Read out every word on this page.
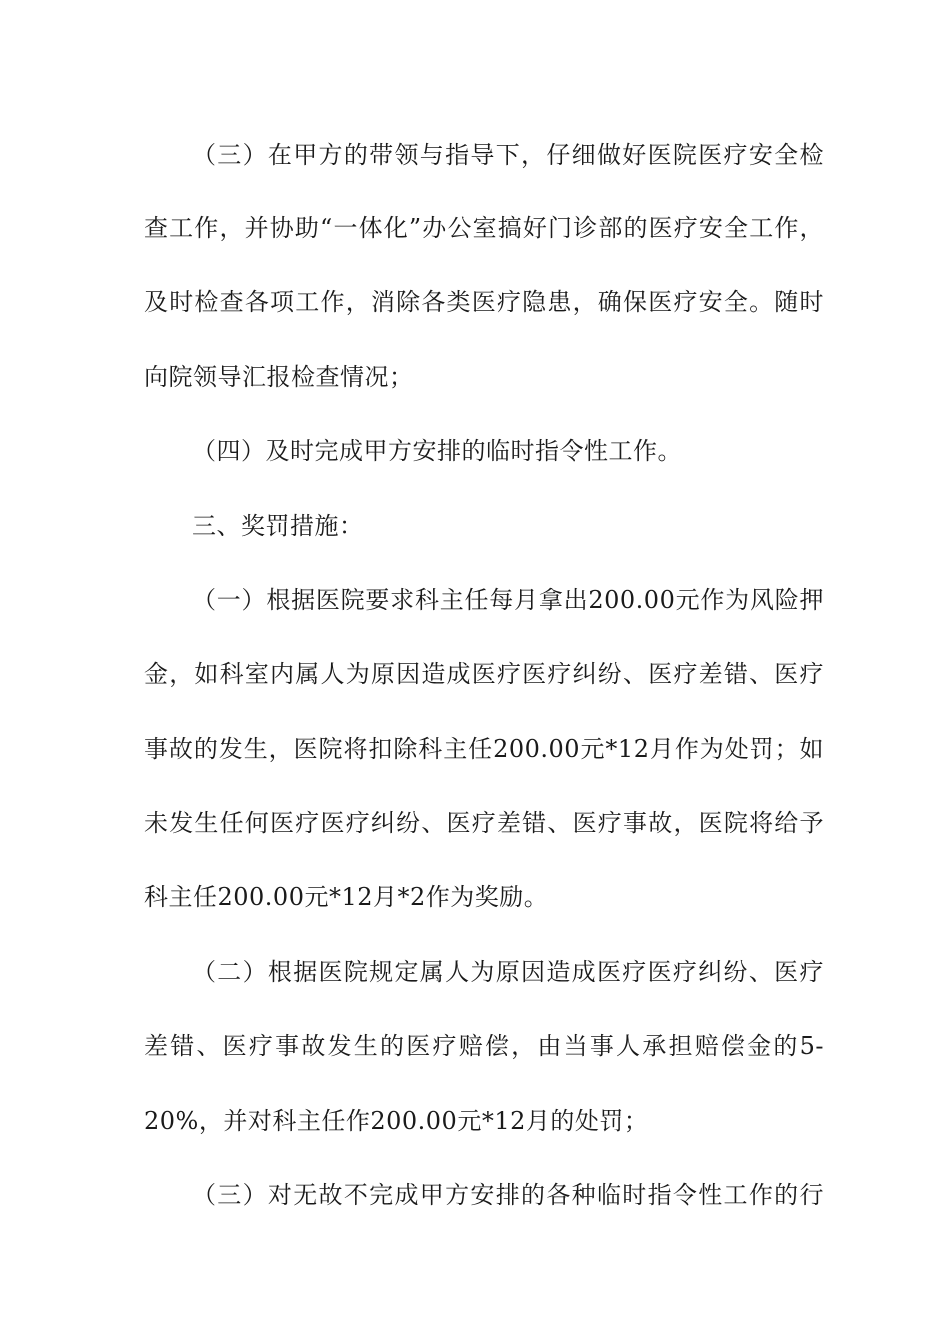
（三）在甲方的带领与指导下，仔细做好医院医疗安全检
查工作，并协助“一体化”办公室搞好门诊部的医疗安全工作，
及时检查各项工作，消除各类医疗隐患，确保医疗安全。随时
向院领导汇报检查情况；
（四）及时完成甲方安排的临时指令性工作。
三、奖罚措施：
（一）根据医院要求科主任每月拿出200.00元作为风险押
金，如科室内属人为原因造成医疗医疗纠纷、医疗差错、医疗
事故的发生，医院将扣除科主任200.00元*12月作为处罚；如
未发生任何医疗医疗纠纷、医疗差错、医疗事故，医院将给予
科主任200.00元*12月*2作为奖励。
（二）根据医院规定属人为原因造成医疗医疗纠纷、医疗
差错、医疗事故发生的医疗赔偿，由当事人承担赔偿金的5-
20%，并对科主任作200.00元*12月的处罚；
（三）对无故不完成甲方安排的各种临时指令性工作的行
